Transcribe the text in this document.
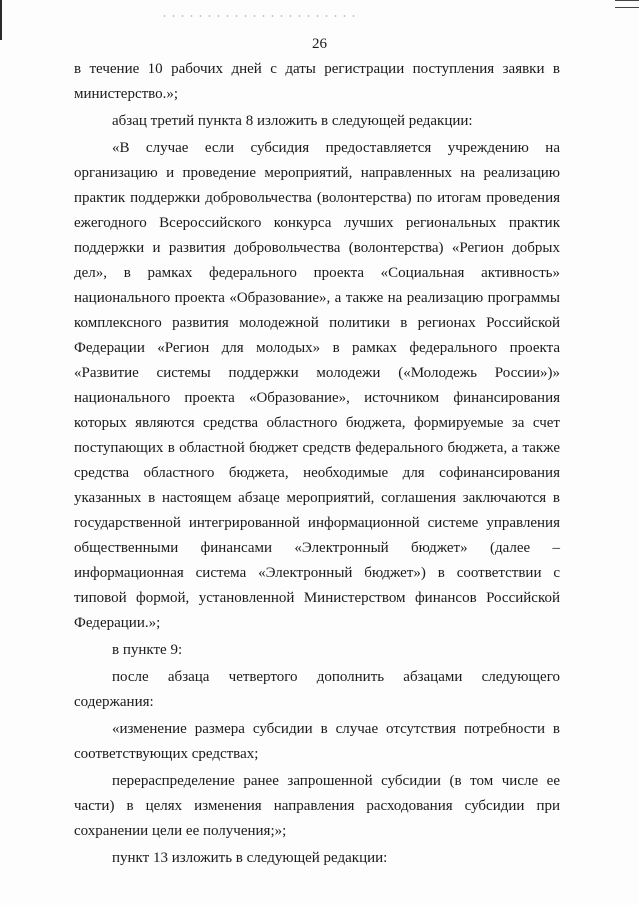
26

в течение 10 рабочих дней с даты регистрации поступления заявки в министерство.»;

абзац третий пункта 8 изложить в следующей редакции:

«В случае если субсидия предоставляется учреждению на организацию и проведение мероприятий, направленных на реализацию практик поддержки добровольчества (волонтерства) по итогам проведения ежегодного Всероссийского конкурса лучших региональных практик поддержки и развития добровольчества (волонтерства) «Регион добрых дел», в рамках федерального проекта «Социальная активность» национального проекта «Образование», а также на реализацию программы комплексного развития молодежной политики в регионах Российской Федерации «Регион для молодых» в рамках федерального проекта «Развитие системы поддержки молодежи («Молодежь России»)» национального проекта «Образование», источником финансирования которых являются средства областного бюджета, формируемые за счет поступающих в областной бюджет средств федерального бюджета, а также средства областного бюджета, необходимые для софинансирования указанных в настоящем абзаце мероприятий, соглашения заключаются в государственной интегрированной информационной системе управления общественными финансами «Электронный бюджет» (далее – информационная система «Электронный бюджет») в соответствии с типовой формой, установленной Министерством финансов Российской Федерации.»;

в пункте 9:

после абзаца четвертого дополнить абзацами следующего содержания:

«изменение размера субсидии в случае отсутствия потребности в соответствующих средствах;

перераспределение ранее запрошенной субсидии (в том числе ее части) в целях изменения направления расходования субсидии при сохранении цели ее получения;»;

пункт 13 изложить в следующей редакции:
